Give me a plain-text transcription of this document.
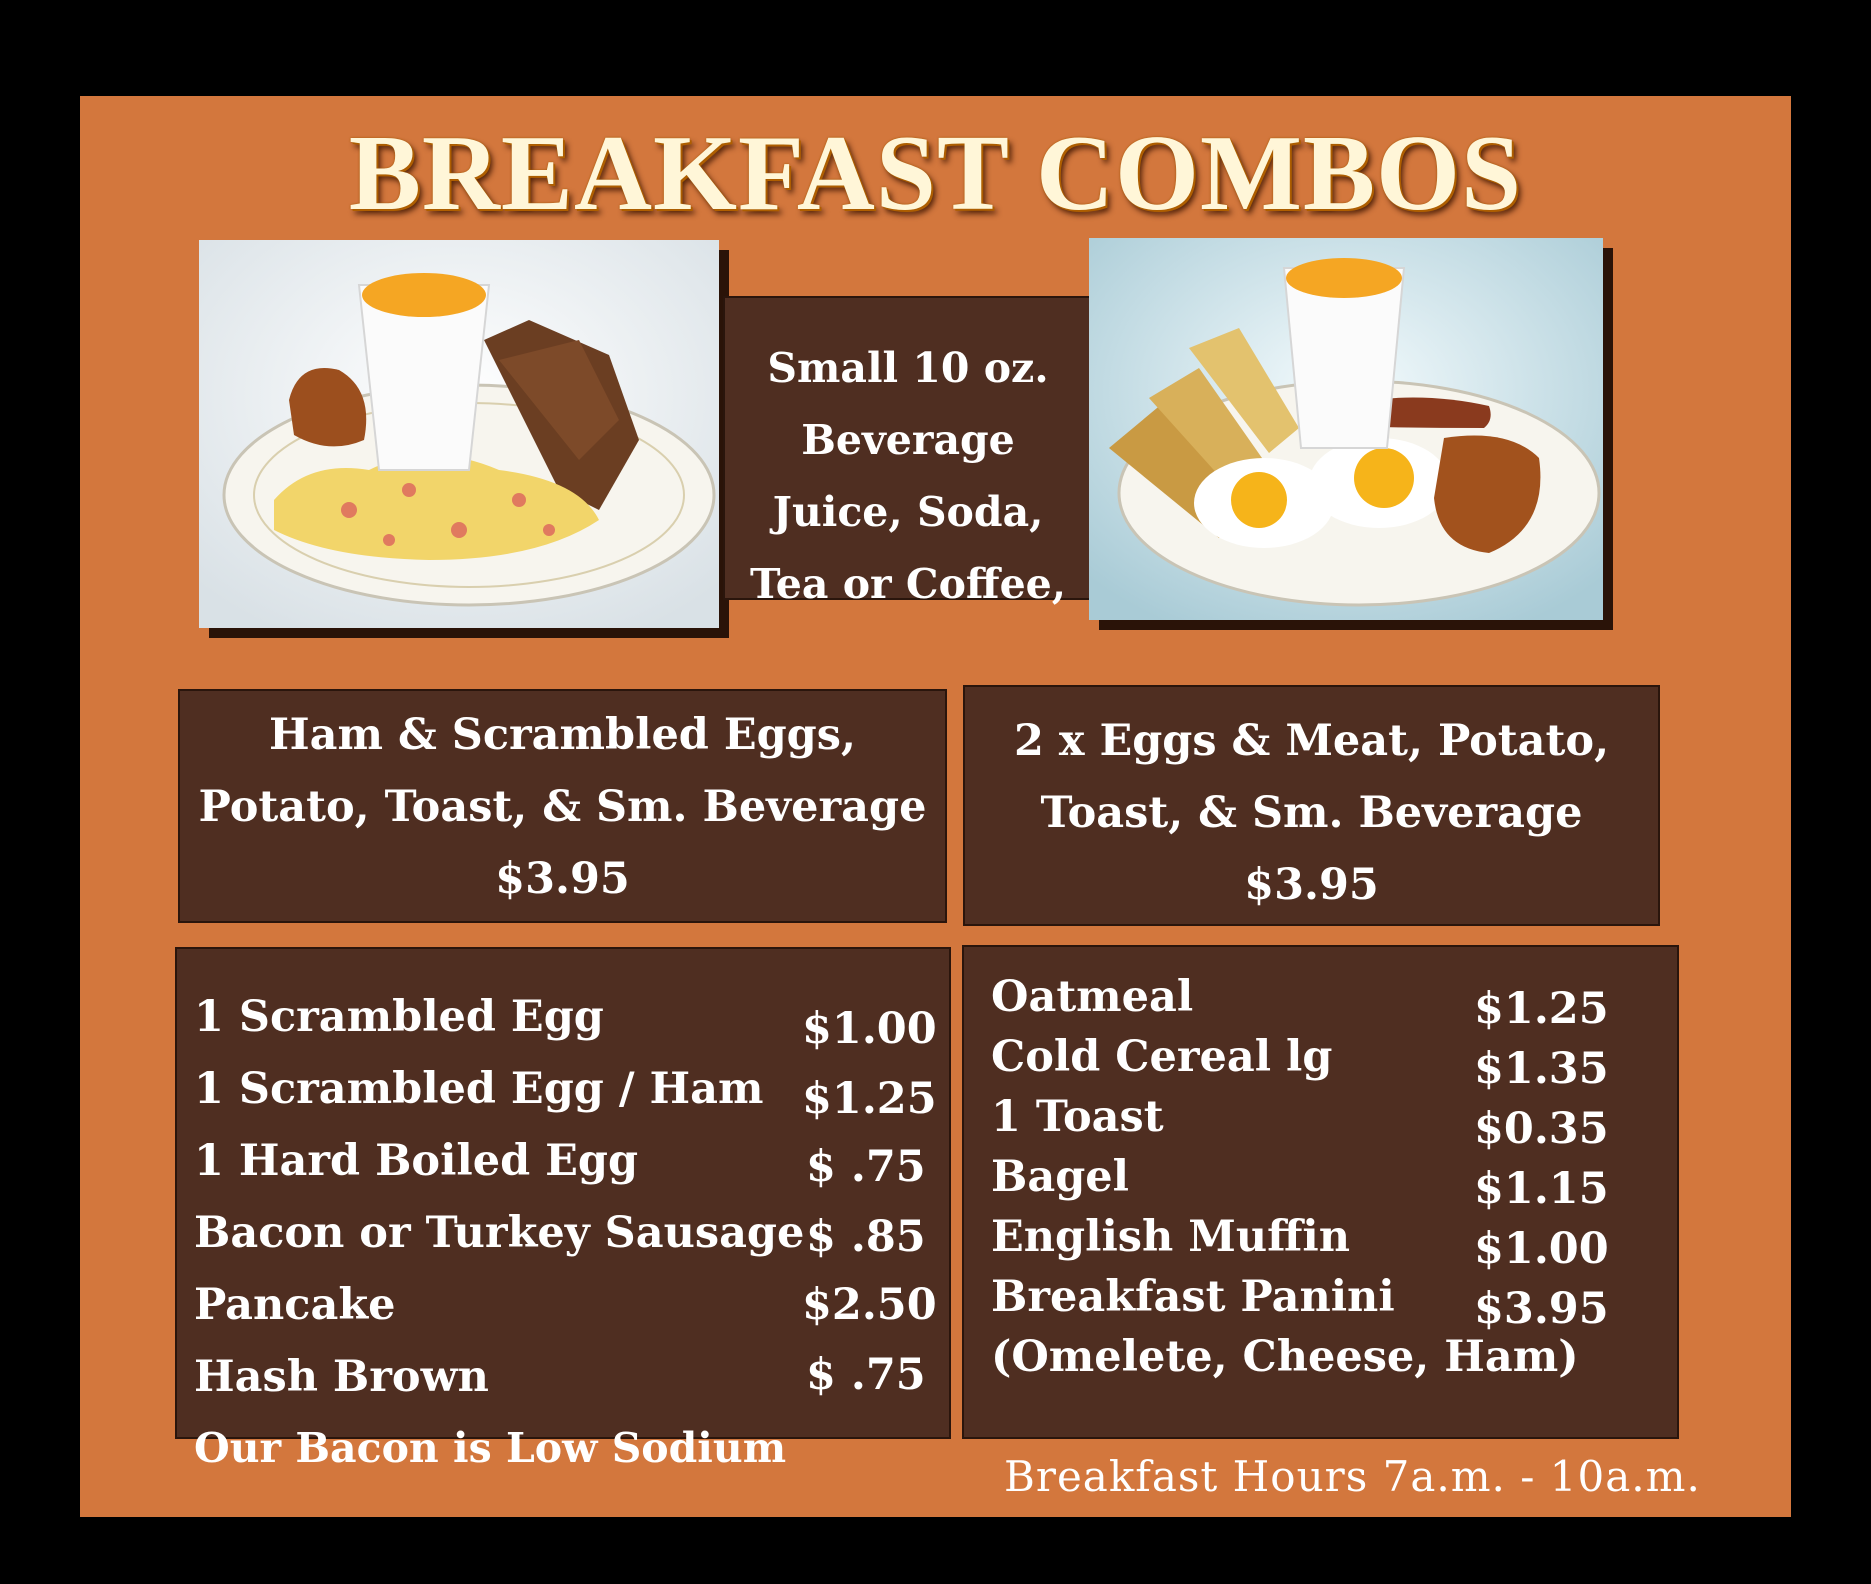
BREAKFAST COMBOS
Small 10 oz.
Beverage
Juice, Soda,
Tea or Coffee,
Ham & Scrambled Eggs,
Potato, Toast, & Sm. Beverage
$3.95
2 x Eggs & Meat, Potato,
Toast, & Sm. Beverage
$3.95
1 Scrambled Egg	$1.00
1 Scrambled Egg / Ham $1.25
1 Hard Boiled Egg	$ .75
Bacon or Turkey Sausage $ .85
Pancake	$2.50
Hash Brown	$ .75
Our Bacon is Low Sodium
Oatmeal	$1.25
Cold Cereal lg	$1.35
1 Toast	$0.35
Bagel	$1.15
English Muffin	$1.00
Breakfast Panini $3.95
(Omelete, Cheese, Ham)
Breakfast Hours 7a.m. - 10a.m.
